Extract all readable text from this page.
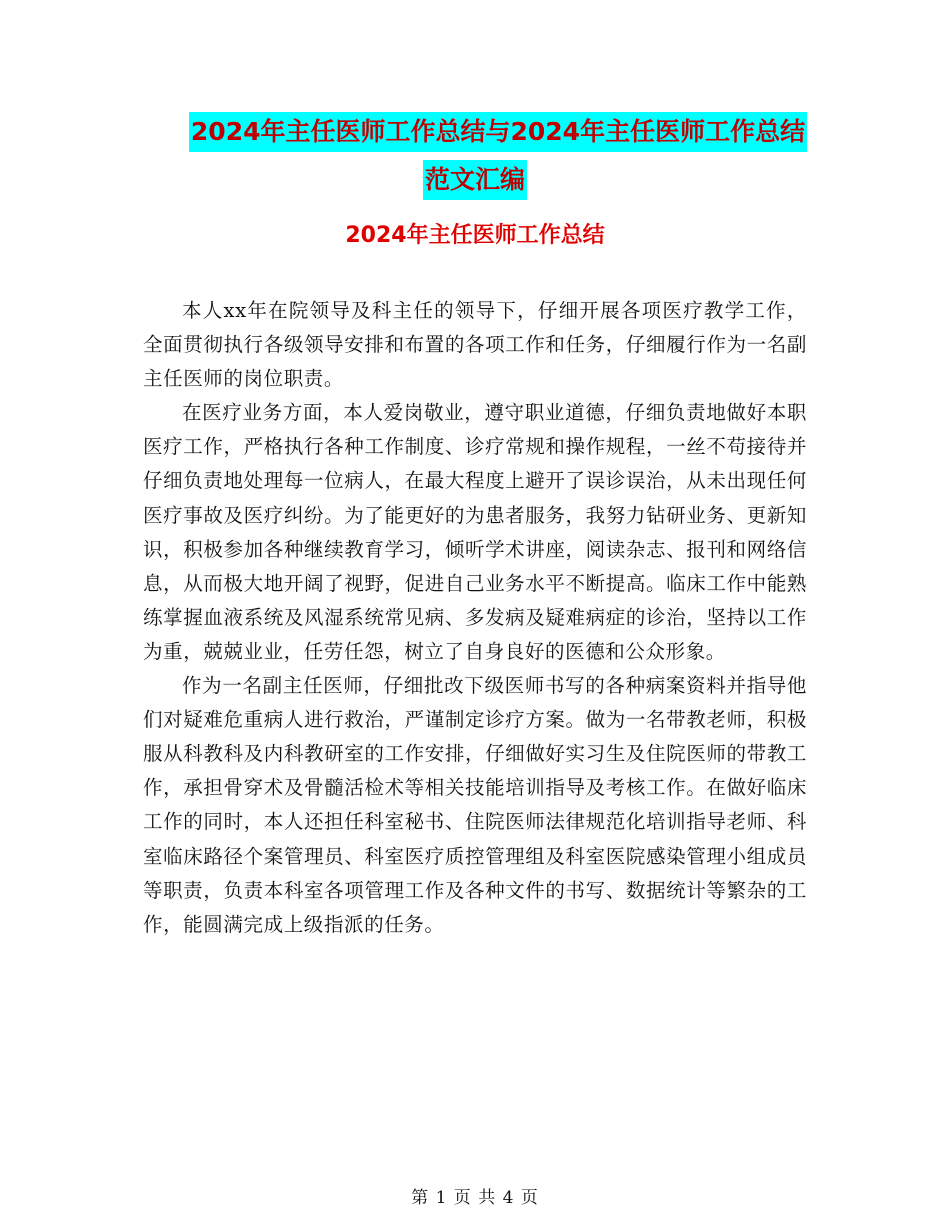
2024年主任医师工作总结与2024年主任医师工作总结
范文汇编
2024年主任医师工作总结

本人xx年在院领导及科主任的领导下，仔细开展各项医疗教学工作，全面贯彻执行各级领导安排和布置的各项工作和任务，仔细履行作为一名副主任医师的岗位职责。

在医疗业务方面，本人爱岗敬业，遵守职业道德，仔细负责地做好本职医疗工作，严格执行各种工作制度、诊疗常规和操作规程，一丝不苟接待并仔细负责地处理每一位病人，在最大程度上避开了误诊误治，从未出现任何医疗事故及医疗纠纷。为了能更好的为患者服务，我努力钻研业务、更新知识，积极参加各种继续教育学习，倾听学术讲座，阅读杂志、报刊和网络信息，从而极大地开阔了视野，促进自己业务水平不断提高。临床工作中能熟练掌握血液系统及风湿系统常见病、多发病及疑难病症的诊治，坚持以工作为重，兢兢业业，任劳任怨，树立了自身良好的医德和公众形象。

作为一名副主任医师，仔细批改下级医师书写的各种病案资料并指导他们对疑难危重病人进行救治，严谨制定诊疗方案。做为一名带教老师，积极服从科教科及内科教研室的工作安排，仔细做好实习生及住院医师的带教工作，承担骨穿术及骨髓活检术等相关技能培训指导及考核工作。在做好临床工作的同时，本人还担任科室秘书、住院医师法律规范化培训指导老师、科室临床路径个案管理员、科室医疗质控管理组及科室医院感染管理小组成员等职责，负责本科室各项管理工作及各种文件的书写、数据统计等繁杂的工作，能圆满完成上级指派的任务。

第 1 页 共 4 页
